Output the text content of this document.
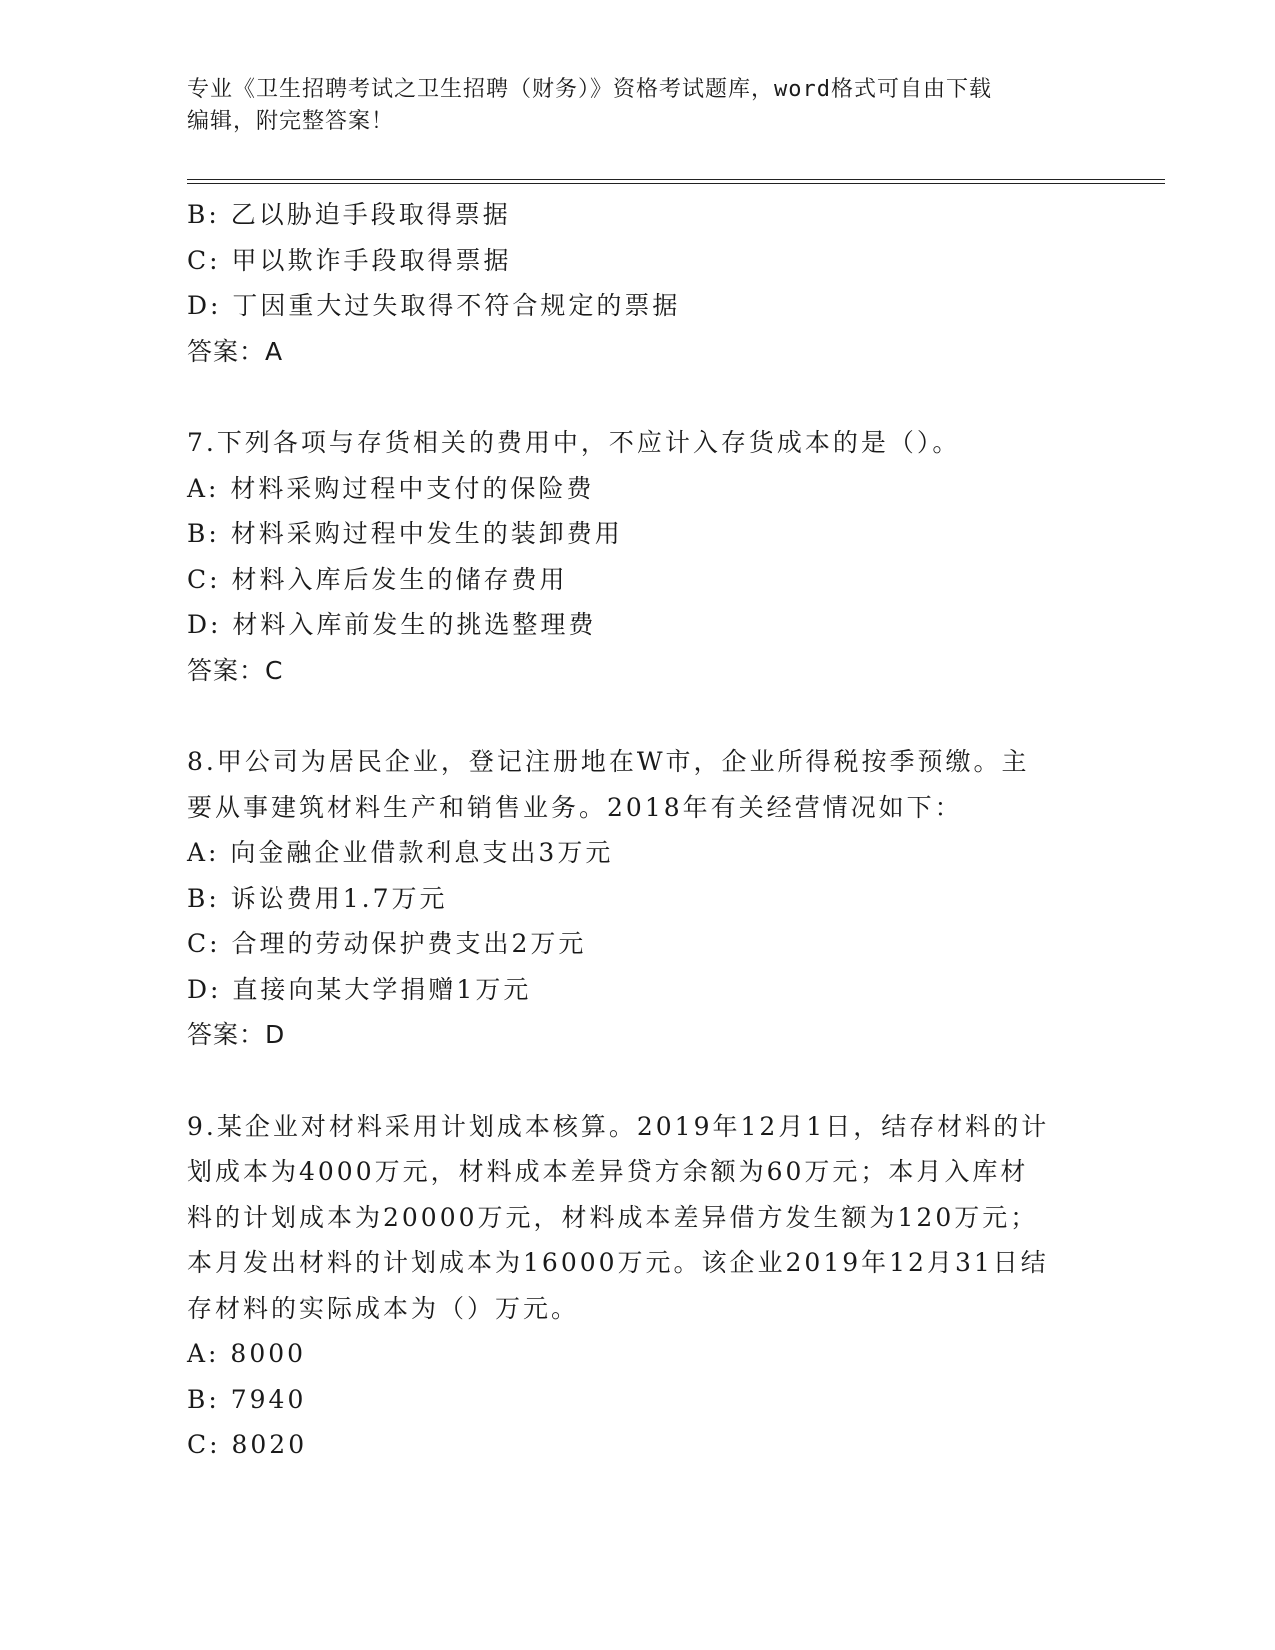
专业《卫生招聘考试之卫生招聘（财务）》资格考试题库，word格式可自由下载
编辑，附完整答案！
B: 乙以胁迫手段取得票据
C: 甲以欺诈手段取得票据
D: 丁因重大过失取得不符合规定的票据
答案：A
7.下列各项与存货相关的费用中，不应计入存货成本的是（）。
A: 材料采购过程中支付的保险费
B: 材料采购过程中发生的装卸费用
C: 材料入库后发生的储存费用
D: 材料入库前发生的挑选整理费
答案：C
8.甲公司为居民企业，登记注册地在W市，企业所得税按季预缴。主
要从事建筑材料生产和销售业务。2018年有关经营情况如下：
A: 向金融企业借款利息支出3万元
B: 诉讼费用1.7万元
C: 合理的劳动保护费支出2万元
D: 直接向某大学捐赠1万元
答案：D
9.某企业对材料采用计划成本核算。2019年12月1日，结存材料的计
划成本为4000万元，材料成本差异贷方余额为60万元；本月入库材
料的计划成本为20000万元，材料成本差异借方发生额为120万元；
本月发出材料的计划成本为16000万元。该企业2019年12月31日结
存材料的实际成本为（）万元。
A: 8000
B: 7940
C: 8020
